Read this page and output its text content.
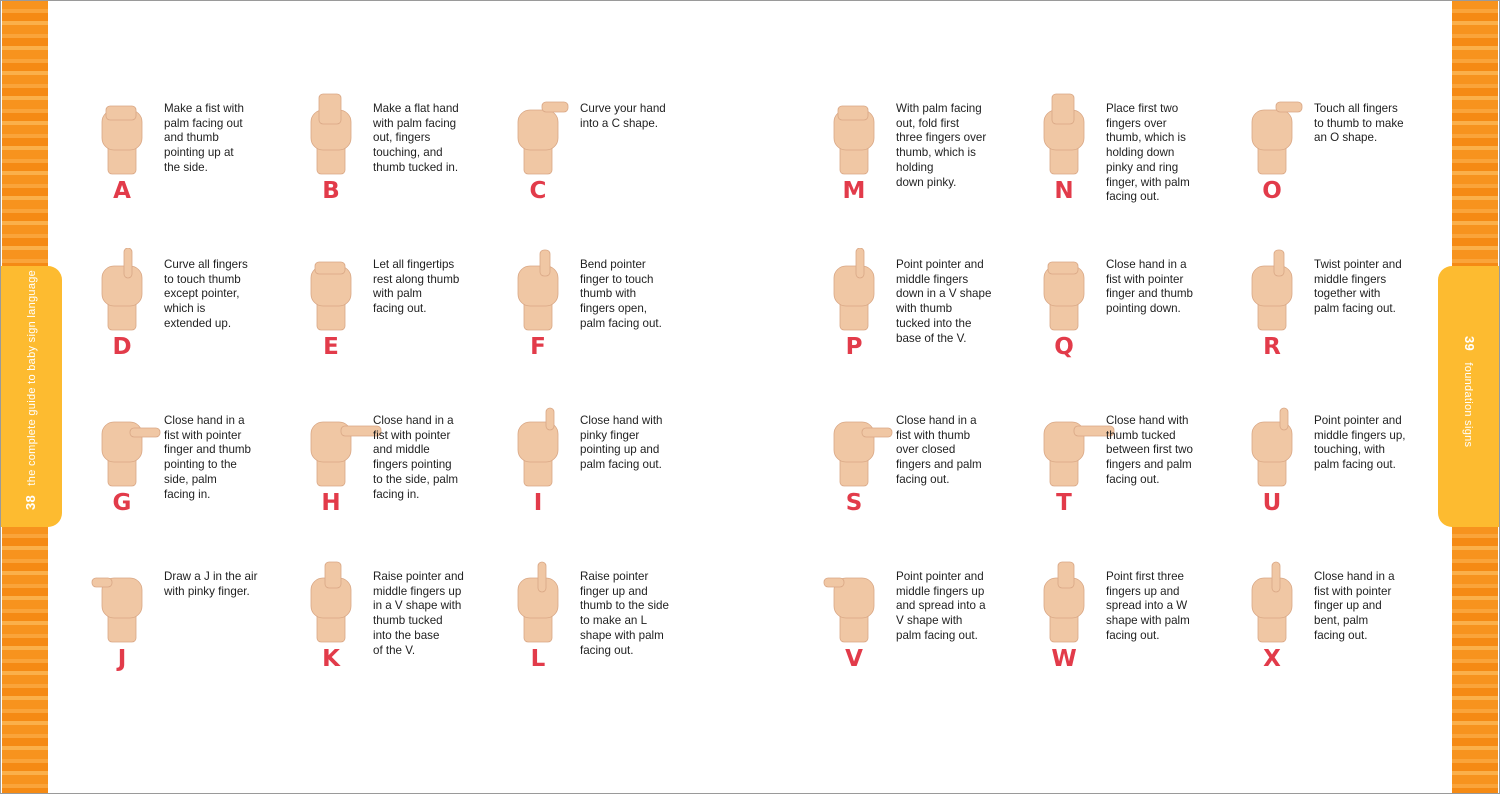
38 the complete guide to baby sign language	39 foundation signs
A
Make a fist with
palm facing out
and thumb
pointing up at
the side.
B
Make a flat hand
with palm facing
out, fingers
touching, and
thumb tucked in.
C
Curve your hand
into a C shape.
D
Curve all fingers
to touch thumb
except pointer,
which is
extended up.
E
Let all fingertips
rest along thumb
with palm
facing out.
F
Bend pointer
finger to touch
thumb with
fingers open,
palm facing out.
G
Close hand in a
fist with pointer
finger and thumb
pointing to the
side, palm
facing in.	H
Close hand in a
fist with pointer
and middle
fingers pointing
to the side, palm
facing in.	I
Close hand with
pinky finger
pointing up and
palm facing out.
J
Draw a J in the air
with pinky finger.
K
Raise pointer and
middle fingers up
in a V shape with
thumb tucked
into the base
of the V.	L
Raise pointer
finger up and
thumb to the side
to make an L
shape with palm
facing out.
M
With palm facing
out, fold first
three fingers over
thumb, which is
holding
down pinky.	N
Place first two
fingers over
thumb, which is
holding down
pinky and ring
finger, with palm
facing out.	O
Touch all fingers
to thumb to make
an O shape.
P
Point pointer and
middle fingers
down in a V shape
with thumb
tucked into the
base of the V.	Q
Close hand in a
fist with pointer
finger and thumb
pointing down.
R
Twist pointer and
middle fingers
together with
palm facing out.
S
Close hand in a
fist with thumb
over closed
fingers and palm
facing out.
T
Close hand with
thumb tucked
between first two
fingers and palm
facing out.
U
Point pointer and
middle fingers up,
touching, with
palm facing out.
V
Point pointer and
middle fingers up
and spread into a
V shape with
palm facing out.
W
Point first three
fingers up and
spread into a W
shape with palm
facing out.
X
Close hand in a
fist with pointer
finger up and
bent, palm
facing out.
